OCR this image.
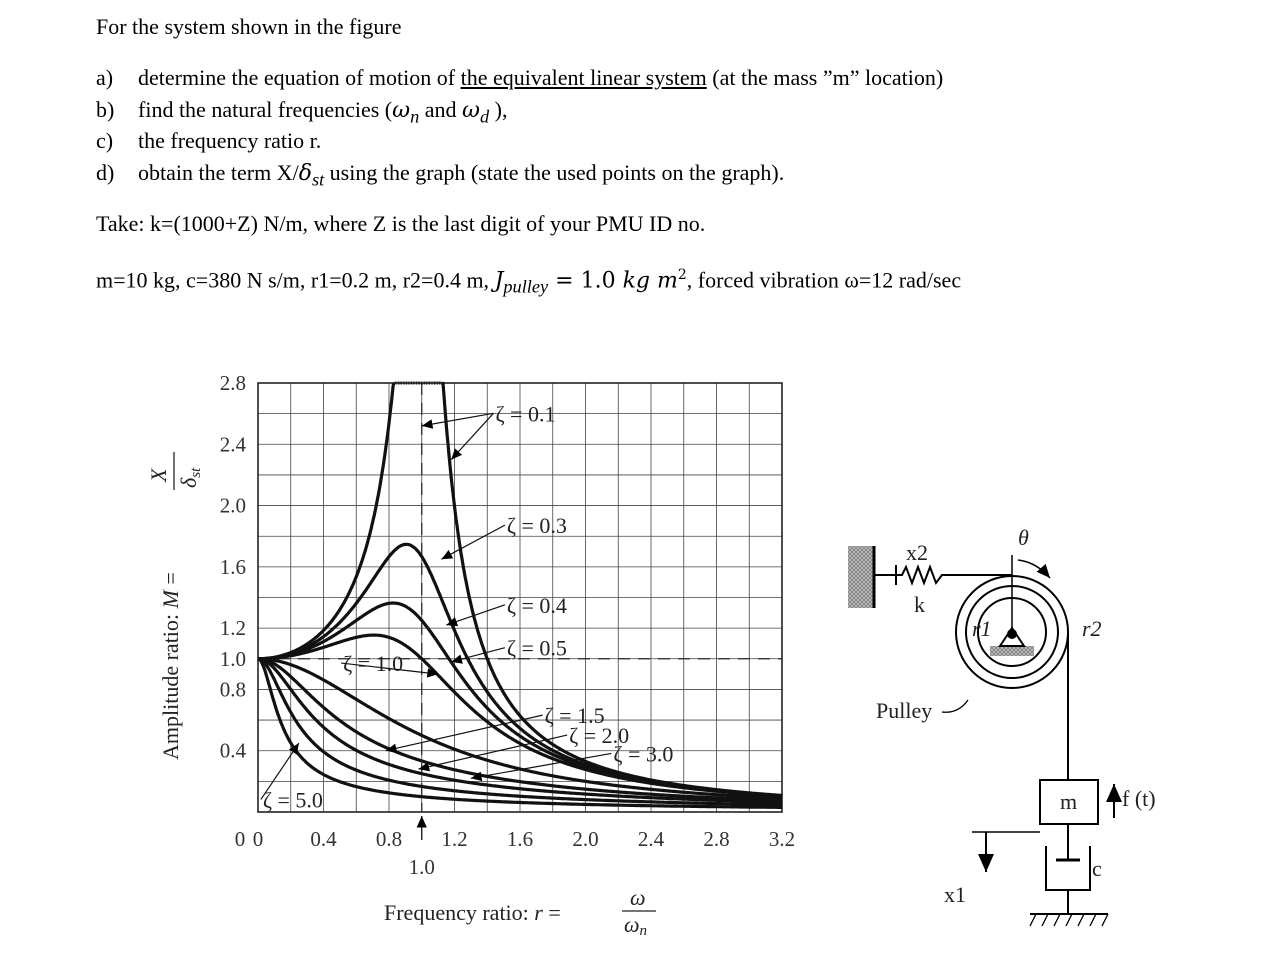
For the system shown in the figure
a) determine the equation of motion of the equivalent linear system (at the mass ”m” location)
b) find the natural frequencies ($\omega_n$ and $\omega_d$ ),
c) the frequency ratio r.
d) obtain the term $X/\delta_{st}$ using the graph (state the used points on the graph).
Take: k=(1000+Z) N/m, where Z is the last digit of your PMU ID no.
m=10 kg, c=380 N s/m, r1=0.2 m, r2=0.4 m, $J_{pulley} = 1.0$ kg $m^2$, forced vibration ω=12 rad/sec
0 0.4 0.8 1.2 1.6 2.0 2.4 2.8 3.2
1.0
0.4
0.8
1.0
1.2
1.6
2.0
2.4
2.8
0
ζ = 0.1
ζ = 0.3
ζ = 0.4
ζ = 0.5
ζ = 1.0
ζ = 1.5
ζ = 2.0
ζ = 3.0
ζ = 5.0
Amplitude ratio: M =
X
δst
Frequency ratio: r =
ω
ωn
x2
k
r1	r2
θ
Pulley
m f (t)
c
x1
